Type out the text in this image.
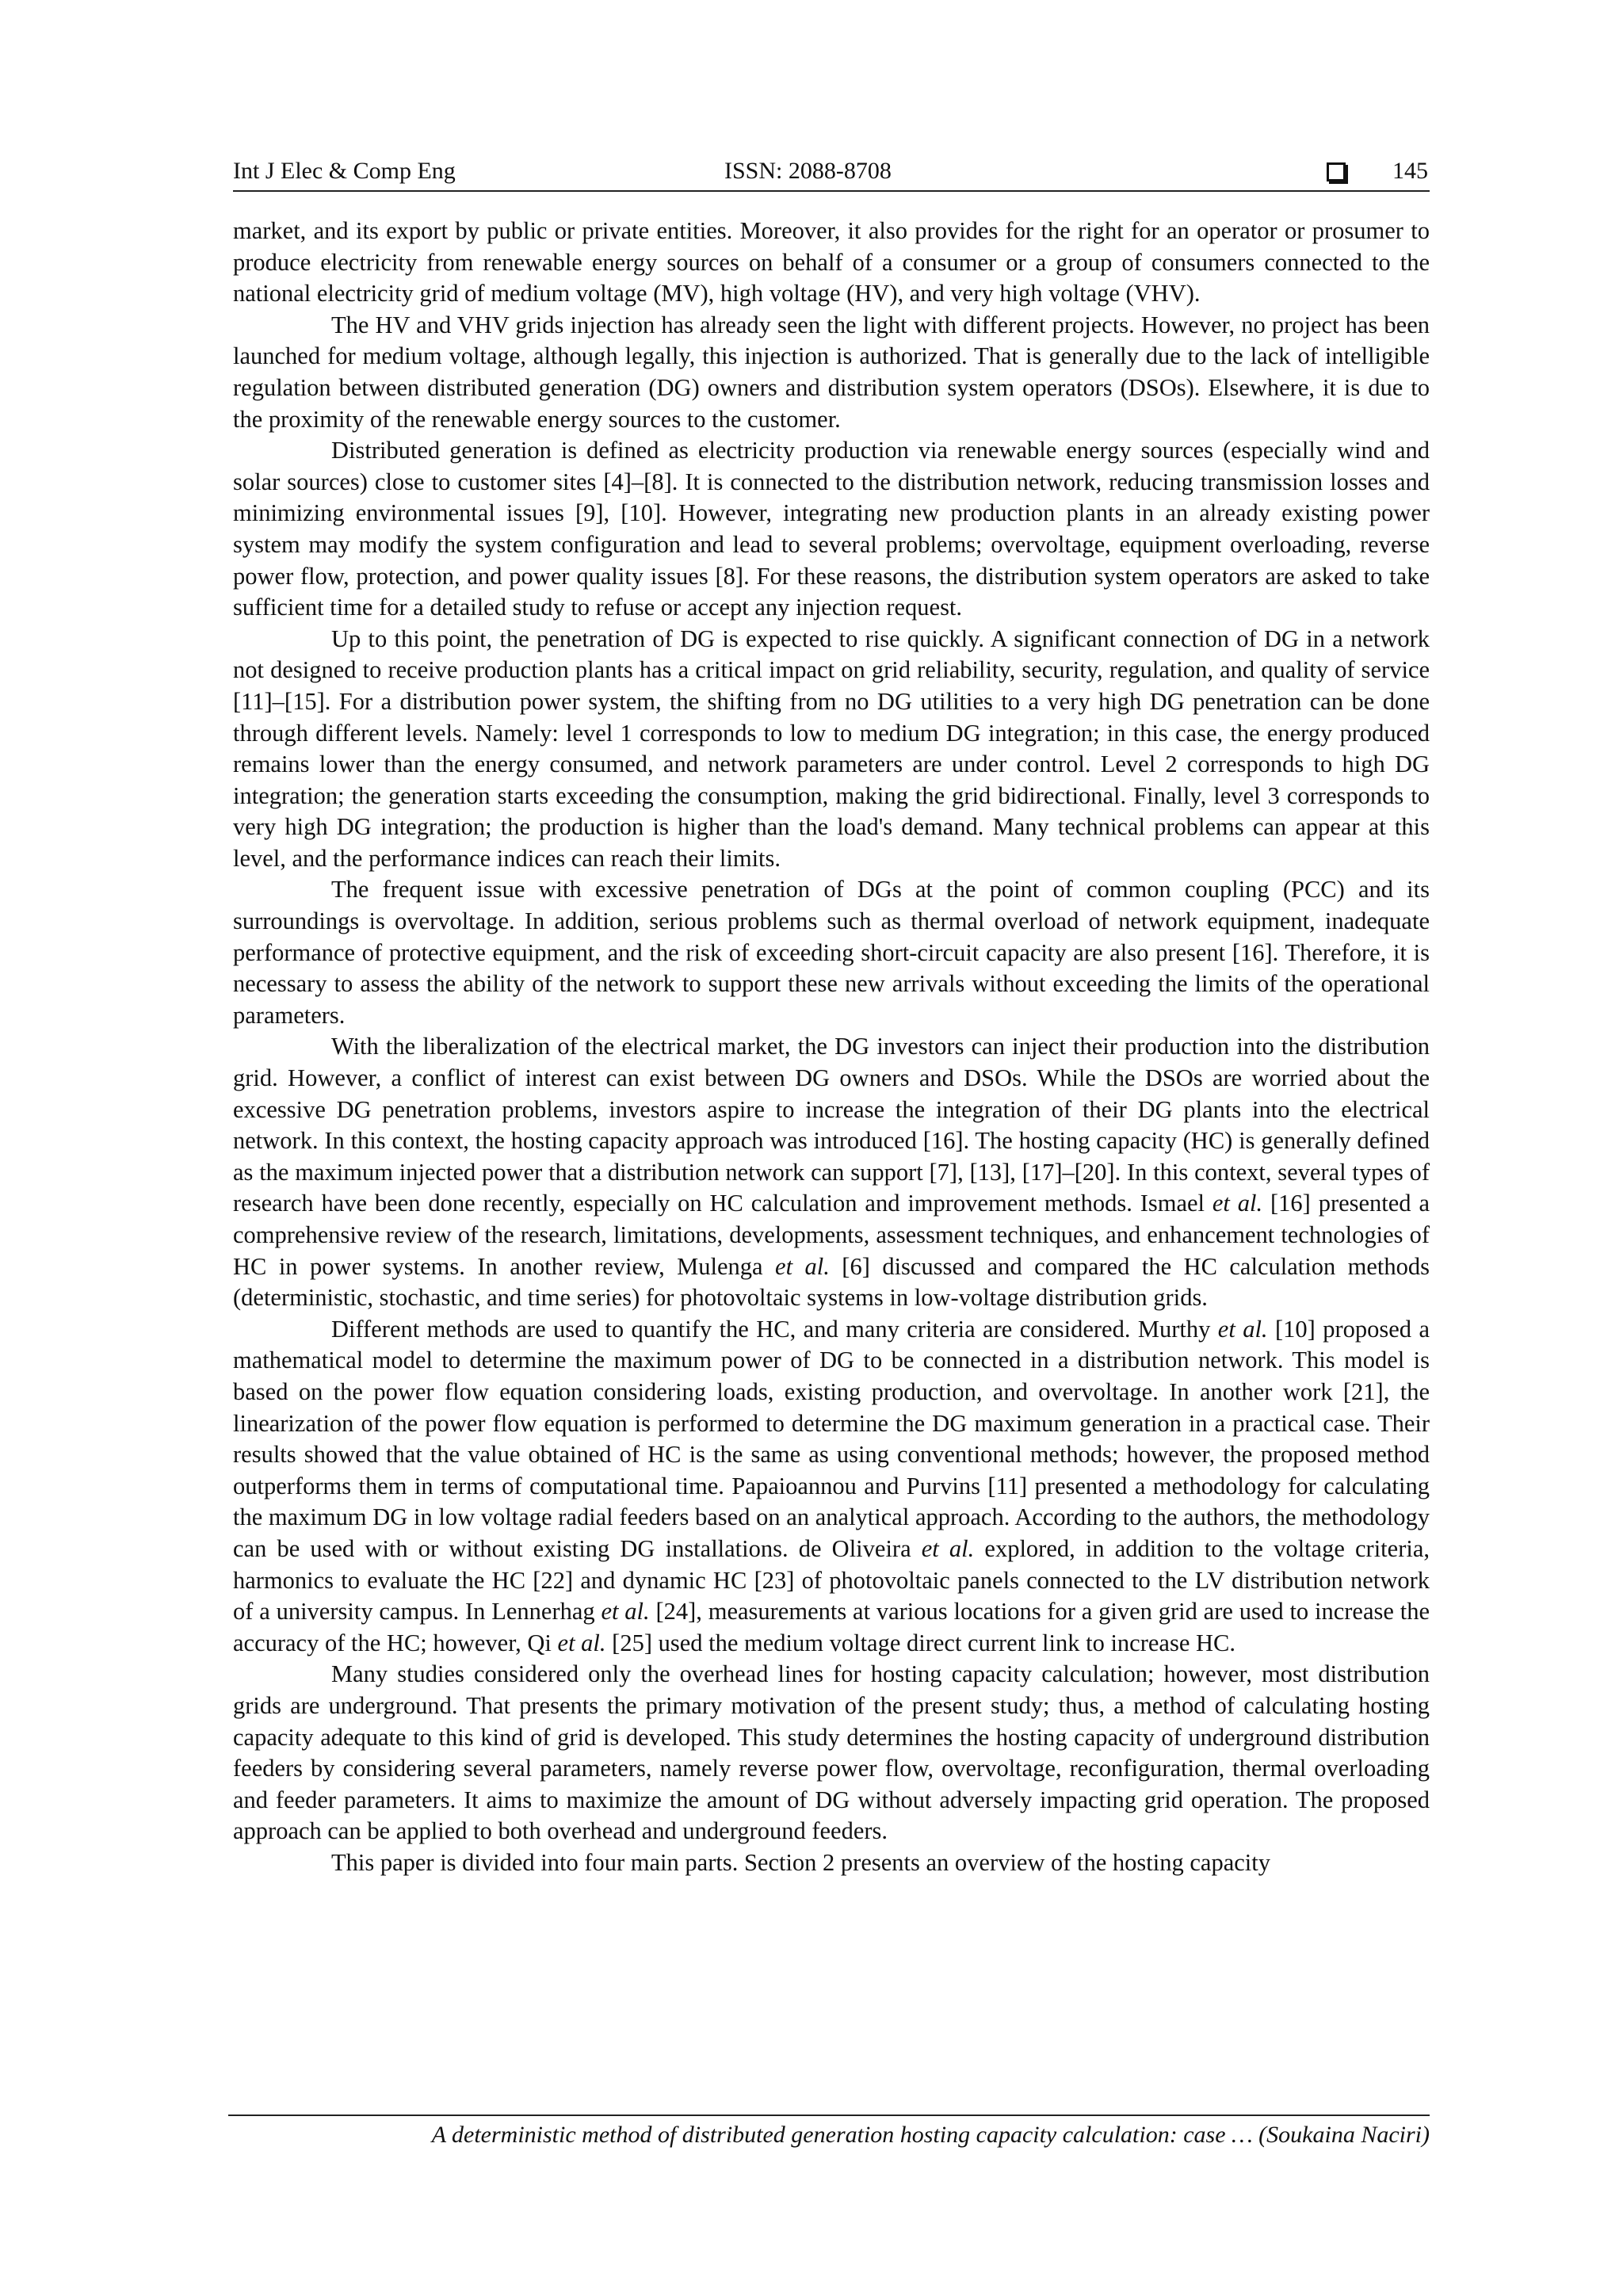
Int J Elec & Comp Eng	ISSN: 2088-8708	145

market, and its export by public or private entities. Moreover, it also provides for the right for an operator or prosumer to produce electricity from renewable energy sources on behalf of a consumer or a group of consumers connected to the national electricity grid of medium voltage (MV), high voltage (HV), and very high voltage (VHV).

The HV and VHV grids injection has already seen the light with different projects. However, no project has been launched for medium voltage, although legally, this injection is authorized. That is generally due to the lack of intelligible regulation between distributed generation (DG) owners and distribution system operators (DSOs). Elsewhere, it is due to the proximity of the renewable energy sources to the customer.

Distributed generation is defined as electricity production via renewable energy sources (especially wind and solar sources) close to customer sites [4]–[8]. It is connected to the distribution network, reducing transmission losses and minimizing environmental issues [9], [10]. However, integrating new production plants in an already existing power system may modify the system configuration and lead to several problems; overvoltage, equipment overloading, reverse power flow, protection, and power quality issues [8]. For these reasons, the distribution system operators are asked to take sufficient time for a detailed study to refuse or accept any injection request.

Up to this point, the penetration of DG is expected to rise quickly. A significant connection of DG in a network not designed to receive production plants has a critical impact on grid reliability, security, regulation, and quality of service [11]–[15]. For a distribution power system, the shifting from no DG utilities to a very high DG penetration can be done through different levels. Namely: level 1 corresponds to low to medium DG integration; in this case, the energy produced remains lower than the energy consumed, and network parameters are under control. Level 2 corresponds to high DG integration; the generation starts exceeding the consumption, making the grid bidirectional. Finally, level 3 corresponds to very high DG integration; the production is higher than the load's demand. Many technical problems can appear at this level, and the performance indices can reach their limits.

The frequent issue with excessive penetration of DGs at the point of common coupling (PCC) and its surroundings is overvoltage. In addition, serious problems such as thermal overload of network equipment, inadequate performance of protective equipment, and the risk of exceeding short-circuit capacity are also present [16]. Therefore, it is necessary to assess the ability of the network to support these new arrivals without exceeding the limits of the operational parameters.

With the liberalization of the electrical market, the DG investors can inject their production into the distribution grid. However, a conflict of interest can exist between DG owners and DSOs. While the DSOs are worried about the excessive DG penetration problems, investors aspire to increase the integration of their DG plants into the electrical network. In this context, the hosting capacity approach was introduced [16]. The hosting capacity (HC) is generally defined as the maximum injected power that a distribution network can support [7], [13], [17]–[20]. In this context, several types of research have been done recently, especially on HC calculation and improvement methods. Ismael et al. [16] presented a comprehensive review of the research, limitations, developments, assessment techniques, and enhancement technologies of HC in power systems. In another review, Mulenga et al. [6] discussed and compared the HC calculation methods (deterministic, stochastic, and time series) for photovoltaic systems in low-voltage distribution grids.

Different methods are used to quantify the HC, and many criteria are considered. Murthy et al. [10] proposed a mathematical model to determine the maximum power of DG to be connected in a distribution network. This model is based on the power flow equation considering loads, existing production, and overvoltage. In another work [21], the linearization of the power flow equation is performed to determine the DG maximum generation in a practical case. Their results showed that the value obtained of HC is the same as using conventional methods; however, the proposed method outperforms them in terms of computational time. Papaioannou and Purvins [11] presented a methodology for calculating the maximum DG in low voltage radial feeders based on an analytical approach. According to the authors, the methodology can be used with or without existing DG installations. de Oliveira et al. explored, in addition to the voltage criteria, harmonics to evaluate the HC [22] and dynamic HC [23] of photovoltaic panels connected to the LV distribution network of a university campus. In Lennerhag et al. [24], measurements at various locations for a given grid are used to increase the accuracy of the HC; however, Qi et al. [25] used the medium voltage direct current link to increase HC.

Many studies considered only the overhead lines for hosting capacity calculation; however, most distribution grids are underground. That presents the primary motivation of the present study; thus, a method of calculating hosting capacity adequate to this kind of grid is developed. This study determines the hosting capacity of underground distribution feeders by considering several parameters, namely reverse power flow, overvoltage, reconfiguration, thermal overloading and feeder parameters. It aims to maximize the amount of DG without adversely impacting grid operation. The proposed approach can be applied to both overhead and underground feeders.

This paper is divided into four main parts. Section 2 presents an overview of the hosting capacity

A deterministic method of distributed generation hosting capacity calculation: case … (Soukaina Naciri)
